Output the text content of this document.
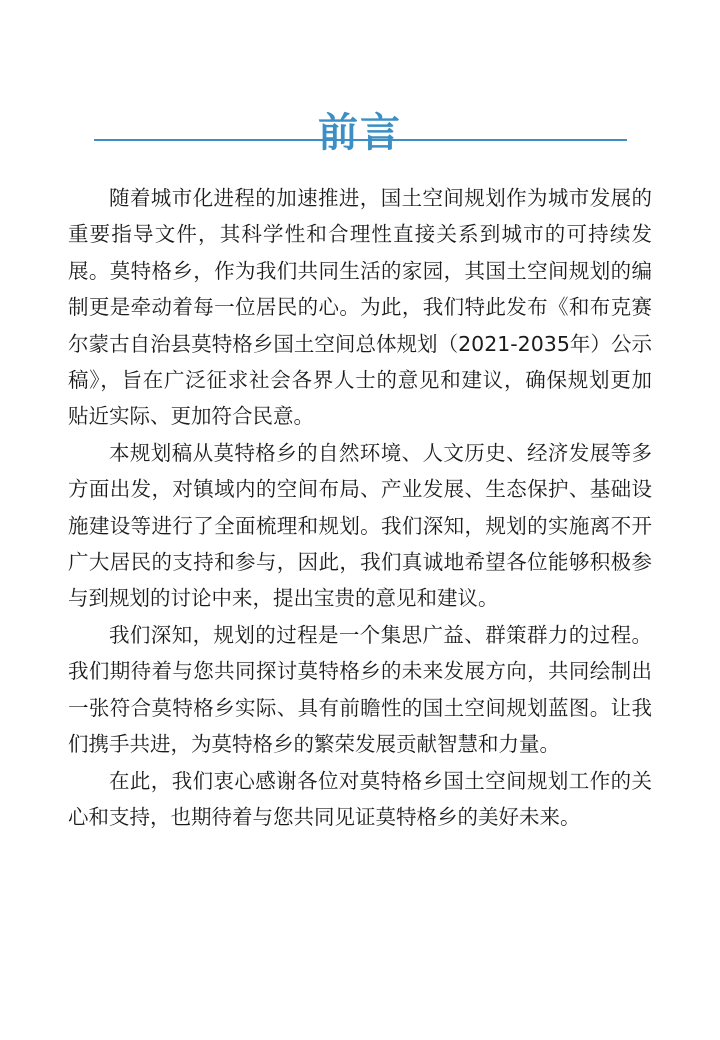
前言

随着城市化进程的加速推进，国土空间规划作为城市发展的重要指导文件，其科学性和合理性直接关系到城市的可持续发展。莫特格乡，作为我们共同生活的家园，其国土空间规划的编制更是牵动着每一位居民的心。为此，我们特此发布《和布克赛尔蒙古自治县莫特格乡国土空间总体规划（2021-2035年）公示稿》，旨在广泛征求社会各界人士的意见和建议，确保规划更加贴近实际、更加符合民意。

本规划稿从莫特格乡的自然环境、人文历史、经济发展等多方面出发，对镇域内的空间布局、产业发展、生态保护、基础设施建设等进行了全面梳理和规划。我们深知，规划的实施离不开广大居民的支持和参与，因此，我们真诚地希望各位能够积极参与到规划的讨论中来，提出宝贵的意见和建议。

我们深知，规划的过程是一个集思广益、群策群力的过程。我们期待着与您共同探讨莫特格乡的未来发展方向，共同绘制出一张符合莫特格乡实际、具有前瞻性的国土空间规划蓝图。让我们携手共进，为莫特格乡的繁荣发展贡献智慧和力量。

在此，我们衷心感谢各位对莫特格乡国土空间规划工作的关心和支持，也期待着与您共同见证莫特格乡的美好未来。
